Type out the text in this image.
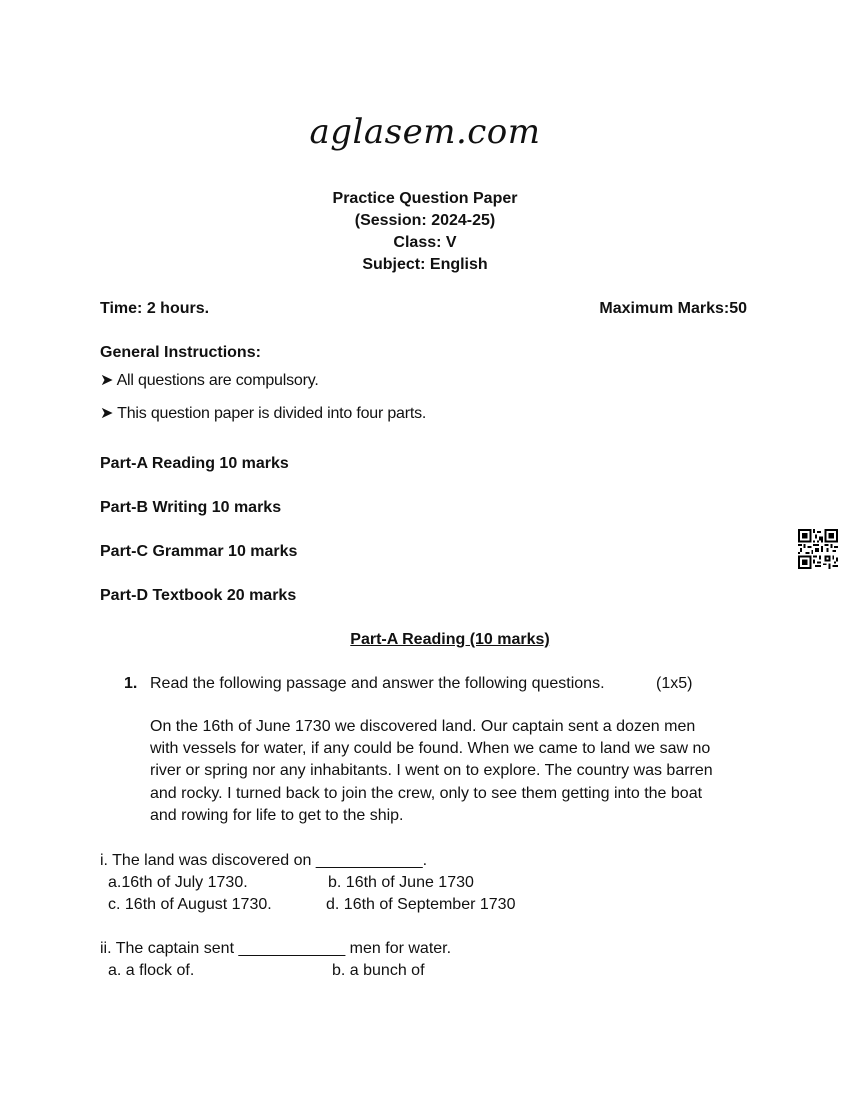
aglasem.com
Practice Question Paper
(Session: 2024-25)
Class: V
Subject: English
Time: 2 hours.	Maximum Marks:50
General Instructions:
➤ All questions are compulsory.
➤ This question paper is divided into four parts.
Part-A Reading 10 marks
Part-B Writing 10 marks
Part-C Grammar 10 marks
Part-D Textbook 20 marks
Part-A Reading (10 marks)
1. Read the following passage and answer the following questions.	(1x5)
On the 16th of June 1730 we discovered land. Our captain sent a dozen men
with vessels for water, if any could be found. When we came to land we saw no
river or spring nor any inhabitants. I went on to explore. The country was barren
and rocky. I turned back to join the crew, only to see them getting into the boat
and rowing for life to get to the ship.
i. The land was discovered on ____________.
a.16th of July 1730.	b. 16th of June 1730
c. 16th of August 1730.	d. 16th of September 1730
ii. The captain sent ____________ men for water.
a. a flock of.	b. a bunch of
